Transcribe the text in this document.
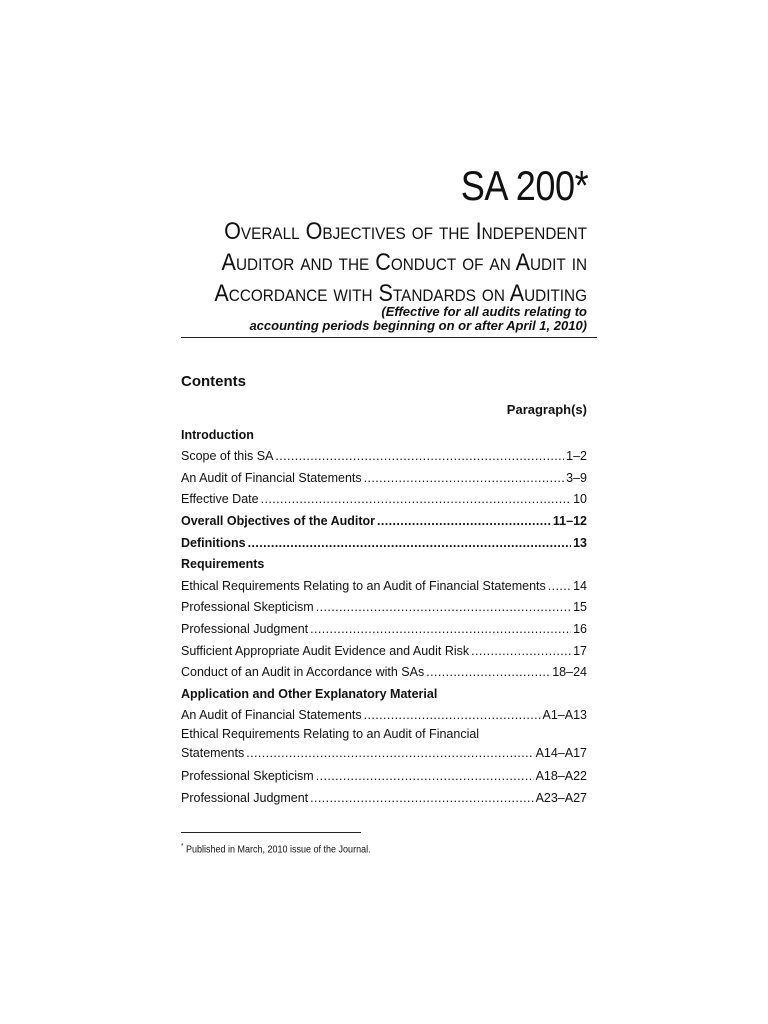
SA 200*
Overall Objectives of the Independent
Auditor and the Conduct of an Audit in
Accordance with Standards on Auditing
(Effective for all audits relating to
accounting periods beginning on or after April 1, 2010)
Contents
Paragraph(s)
Introduction
Scope of this SA .....	1–2
An Audit of Financial Statements .....	3–9
Effective Date .....	10
Overall Objectives of the Auditor .....	11–12
Definitions .....	13
Requirements
Ethical Requirements Relating to an Audit of Financial Statements ..... 14
Professional Skepticism .....	15
Professional Judgment .....	16
Sufficient Appropriate Audit Evidence and Audit Risk .....	17
Conduct of an Audit in Accordance with SAs .....	18–24
Application and Other Explanatory Material
An Audit of Financial Statements .....	A1–A13
Ethical Requirements Relating to an Audit of Financial
Statements .....	A14–A17
Professional Skepticism .....	A18–A22
Professional Judgment .....	A23–A27
* Published in March, 2010 issue of the Journal.
